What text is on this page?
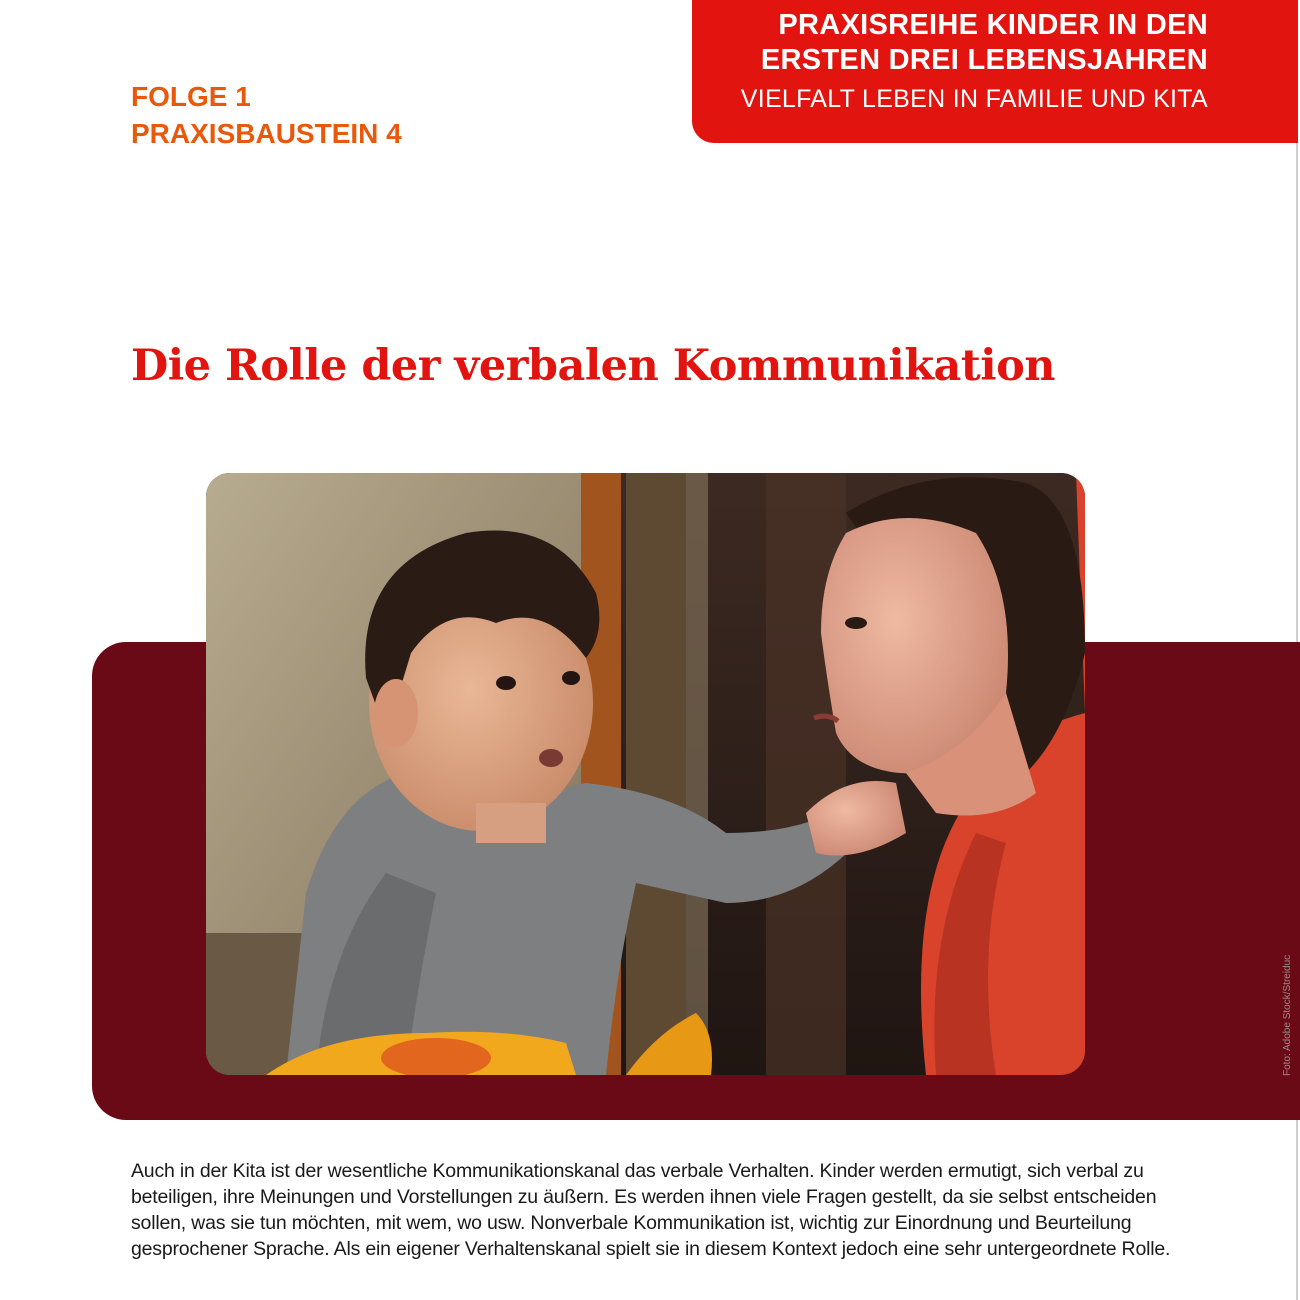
PRAXISREIHE KINDER IN DEN
ERSTEN DREI LEBENSJAHREN
VIELFALT LEBEN IN FAMILIE UND KITA
FOLGE 1
PRAXISBAUSTEIN 4
Die Rolle der verbalen Kommunikation
Foto: Adobe Stock/Streiduc

Auch in der Kita ist der wesentliche Kommunikationskanal das verbale Verhalten. Kinder werden ermutigt, sich verbal zu beteiligen, ihre Meinungen und Vorstellungen zu äußern. Es werden ihnen viele Fragen gestellt, da sie selbst entscheiden sollen, was sie tun möchten, mit wem, wo usw. Nonverbale Kommunikation ist, wichtig zur Einordnung und Beurteilung gesprochener Sprache. Als ein eigener Verhaltenskanal spielt sie in diesem Kontext jedoch eine sehr untergeordnete Rolle.
